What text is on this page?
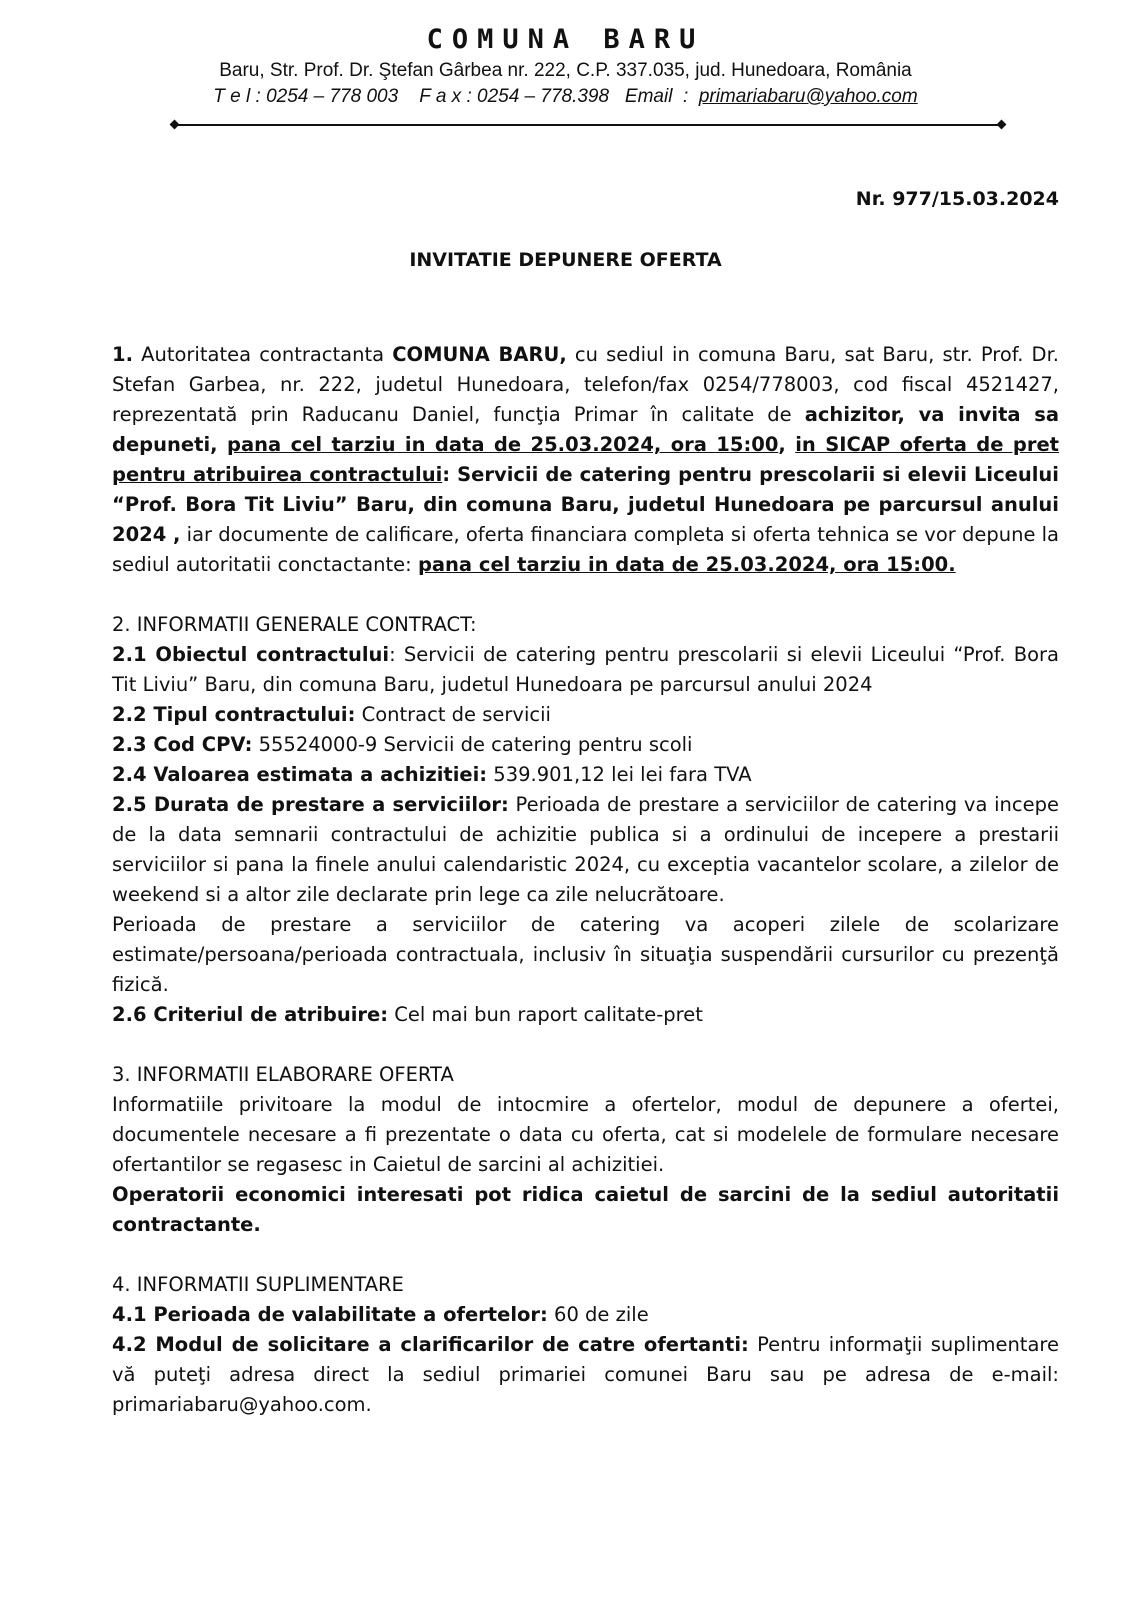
COMUNA BARU
Baru, Str. Prof. Dr. Ştefan Gârbea nr. 222, C.P. 337.035, jud. Hunedoara, România
T e l : 0254 – 778 003    F a x : 0254 – 778.398   Email  :  primariabaru@yahoo.com
Nr. 977/15.03.2024
INVITATIE DEPUNERE OFERTA

1. Autoritatea contractanta COMUNA BARU, cu sediul in comuna Baru, sat Baru, str. Prof. Dr. Stefan Garbea, nr. 222, judetul Hunedoara, telefon/fax 0254/778003, cod fiscal 4521427, reprezentată prin Raducanu Daniel, funcţia Primar în calitate de achizitor, va invita sa depuneti, pana cel tarziu in data de 25.03.2024, ora 15:00, in SICAP oferta de pret pentru atribuirea contractului: Servicii de catering pentru prescolarii si elevii Liceului “Prof. Bora Tit Liviu” Baru, din comuna Baru, judetul Hunedoara pe parcursul anului 2024 , iar documente de calificare, oferta financiara completa si oferta tehnica se vor depune la sediul autoritatii conctactante: pana cel tarziu in data de 25.03.2024, ora 15:00.

2. INFORMATII GENERALE CONTRACT:

2.1 Obiectul contractului: Servicii de catering pentru prescolarii si elevii Liceului “Prof. Bora Tit Liviu” Baru, din comuna Baru, judetul Hunedoara pe parcursul anului 2024

2.2 Tipul contractului: Contract de servicii

2.3 Cod CPV: 55524000-9 Servicii de catering pentru scoli

2.4 Valoarea estimata a achizitiei: 539.901,12 lei lei fara TVA

2.5 Durata de prestare a serviciilor: Perioada de prestare a serviciilor de catering va incepe de la data semnarii contractului de achizitie publica si a ordinului de incepere a prestarii serviciilor si pana la finele anului calendaristic 2024, cu exceptia vacantelor scolare, a zilelor de weekend si a altor zile declarate prin lege ca zile nelucrătoare.

Perioada de prestare a serviciilor de catering va acoperi zilele de scolarizare estimate/persoana/perioada contractuala, inclusiv în situaţia suspendării cursurilor cu prezenţă fizică.

2.6 Criteriul de atribuire: Cel mai bun raport calitate-pret

3. INFORMATII ELABORARE OFERTA

Informatiile privitoare la modul de intocmire a ofertelor, modul de depunere a ofertei, documentele necesare a fi prezentate o data cu oferta, cat si modelele de formulare necesare ofertantilor se regasesc in Caietul de sarcini al achizitiei.

Operatorii economici interesati pot ridica caietul de sarcini de la sediul autoritatii contractante.

4. INFORMATII SUPLIMENTARE

4.1 Perioada de valabilitate a ofertelor: 60 de zile

4.2 Modul de solicitare a clarificarilor de catre ofertanti: Pentru informaţii suplimentare vă puteţi adresa direct la sediul primariei comunei Baru sau pe adresa de e-mail: primariabaru@yahoo.com.
